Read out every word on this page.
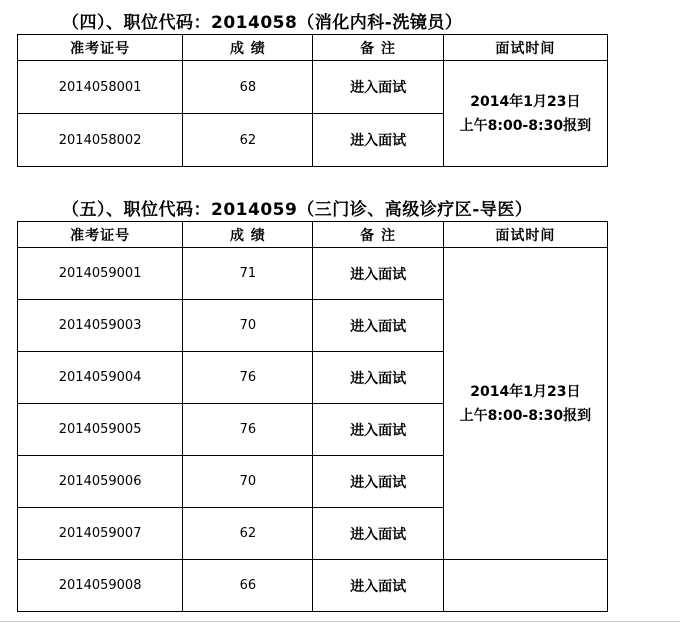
（四）、职位代码：2014058（消化内科-洗镜员）
准考证号	成 绩	备 注	面试时间
2014058001	68	进入面试	2014年1月23日
上午8:00-8:30报到

2014058002	62	进入面试	
（五）、职位代码：2014059（三门诊、高级诊疗区-导医）
准考证号	成 绩	备 注	面试时间
2014059001	71	进入面试	2014年1月23日
上午8:00-8:30报到

2014059003	70	进入面试	
2014059004	76	进入面试	
2014059005	76	进入面试	
2014059006	70	进入面试	
2014059007	62	进入面试	
2014059008	66	进入面试	
